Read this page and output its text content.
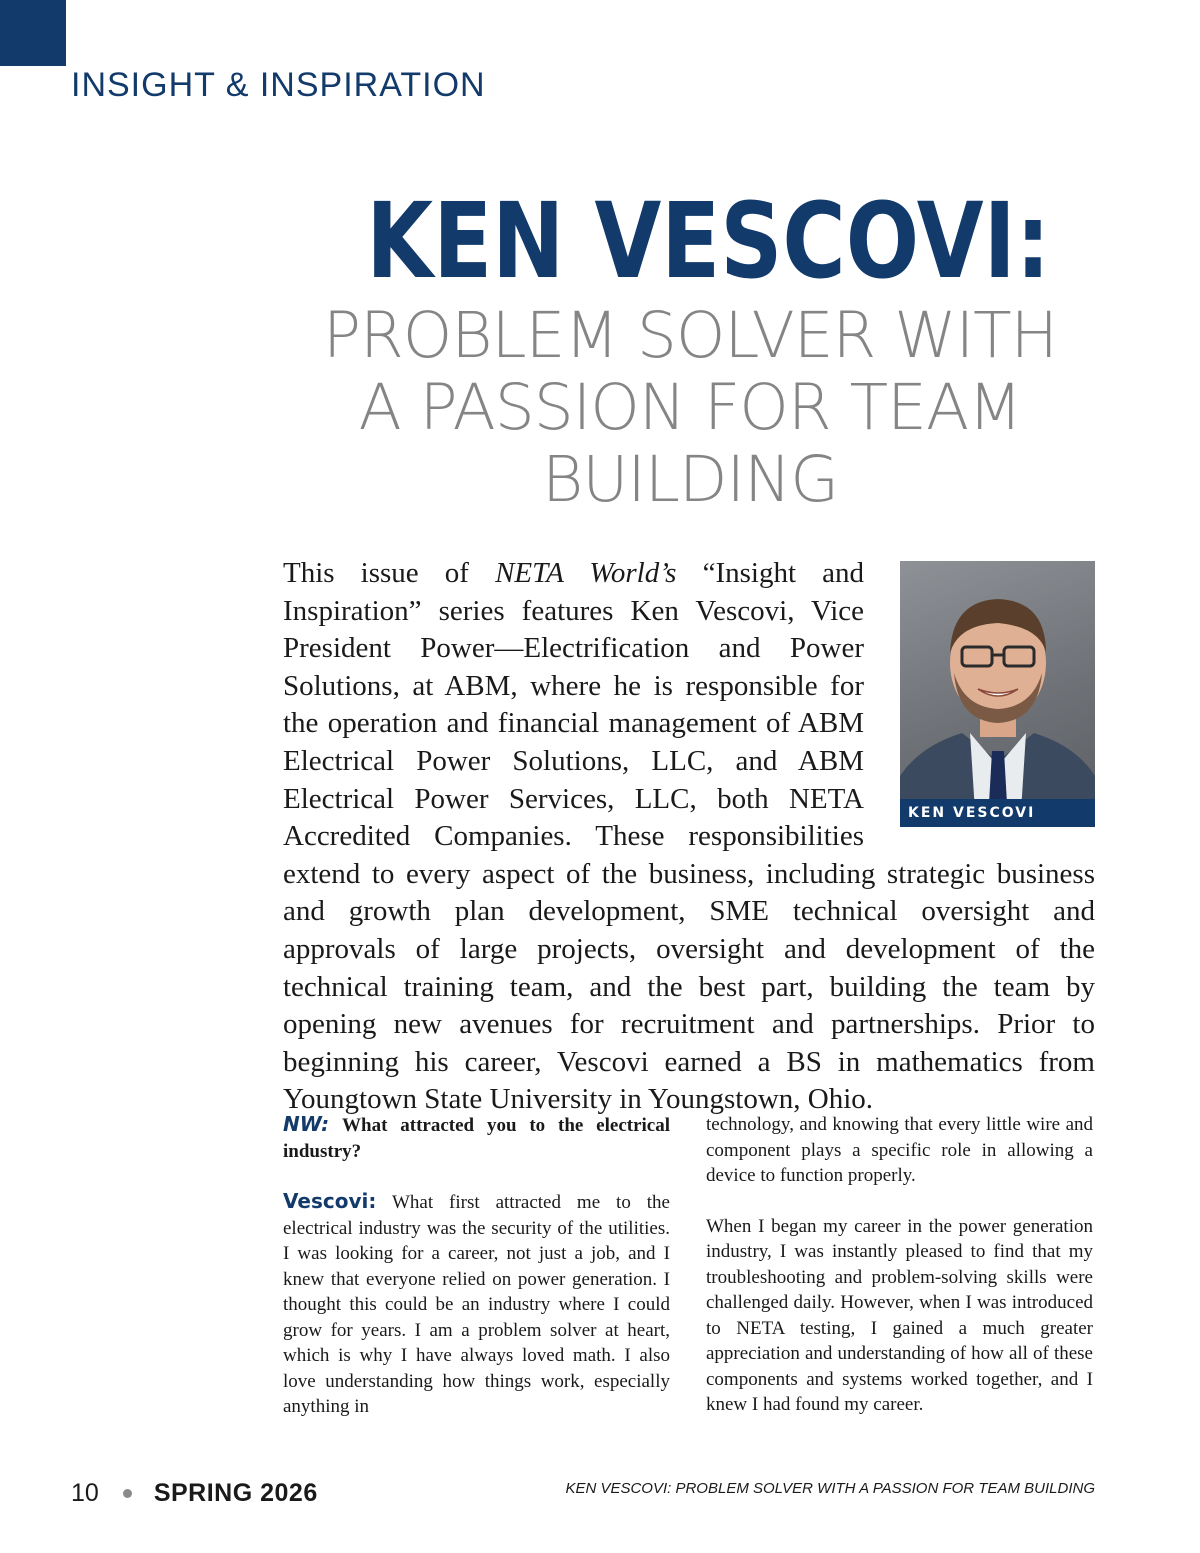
INSIGHT & INSPIRATION
KEN VESCOVI:
PROBLEM SOLVER WITH
A PASSION FOR TEAM
BUILDING
KEN VESCOVI
This issue of NETA World’s “Insight and Inspiration” series features Ken Vescovi, Vice President Power—Electrification and Power Solutions, at ABM, where he is responsible for the operation and financial management of ABM Electrical Power Solutions, LLC, and ABM Electrical Power Services, LLC, both NETA Accredited Companies. These responsibilities extend to every aspect of the business, including strategic business and growth plan development, SME technical oversight and approvals of large projects, oversight and development of the technical training team, and the best part, building the team by opening new avenues for recruitment and partnerships. Prior to beginning his career, Vescovi earned a BS in mathematics from Youngtown State University in Youngstown, Ohio.

NW: What attracted you to the electrical industry?

Vescovi: What first attracted me to the electrical industry was the security of the utilities. I was looking for a career, not just a job, and I knew that everyone relied on power generation. I thought this could be an industry where I could grow for years. I am a problem solver at heart, which is why I have always loved math. I also love understanding how things work, especially anything in

technology, and knowing that every little wire and component plays a specific role in allowing a device to function properly.

When I began my career in the power generation industry, I was instantly pleased to find that my troubleshooting and problem-solving skills were challenged daily. However, when I was introduced to NETA testing, I gained a much greater appreciation and understanding of how all of these components and systems worked together, and I knew I had found my career.

10 SPRING 2026	KEN VESCOVI: PROBLEM SOLVER WITH A PASSION FOR TEAM BUILDING
